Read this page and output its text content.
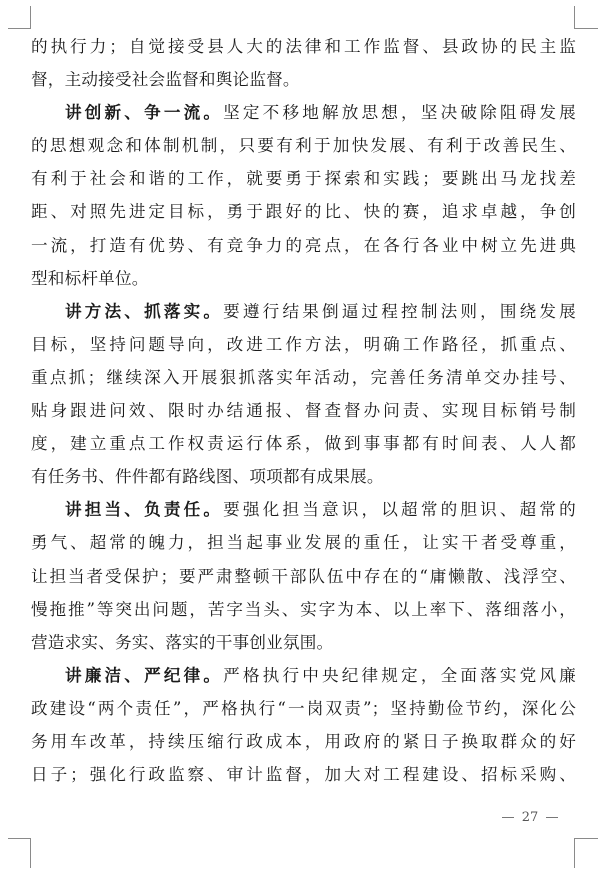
的执行力；自觉接受县人大的法律和工作监督、县政协的民主监
督，主动接受社会监督和舆论监督。
讲创新、争一流。坚定不移地解放思想，坚决破除阻碍发展
的思想观念和体制机制，只要有利于加快发展、有利于改善民生、
有利于社会和谐的工作，就要勇于探索和实践；要跳出马龙找差
距、对照先进定目标，勇于跟好的比、快的赛，追求卓越，争创
一流，打造有优势、有竞争力的亮点，在各行各业中树立先进典
型和标杆单位。
讲方法、抓落实。要遵行结果倒逼过程控制法则，围绕发展
目标，坚持问题导向，改进工作方法，明确工作路径，抓重点、
重点抓；继续深入开展狠抓落实年活动，完善任务清单交办挂号、
贴身跟进问效、限时办结通报、督查督办问责、实现目标销号制
度，建立重点工作权责运行体系，做到事事都有时间表、人人都
有任务书、件件都有路线图、项项都有成果展。
讲担当、负责任。要强化担当意识，以超常的胆识、超常的
勇气、超常的魄力，担当起事业发展的重任，让实干者受尊重，
让担当者受保护；要严肃整顿干部队伍中存在的“庸懒散、浅浮空、
慢拖推”等突出问题，苦字当头、实字为本、以上率下、落细落小，
营造求实、务实、落实的干事创业氛围。
讲廉洁、严纪律。严格执行中央纪律规定，全面落实党风廉
政建设“两个责任”，严格执行“一岗双责”；坚持勤俭节约，深化公
务用车改革，持续压缩行政成本，用政府的紧日子换取群众的好
日子；强化行政监察、审计监督，加大对工程建设、招标采购、
27
